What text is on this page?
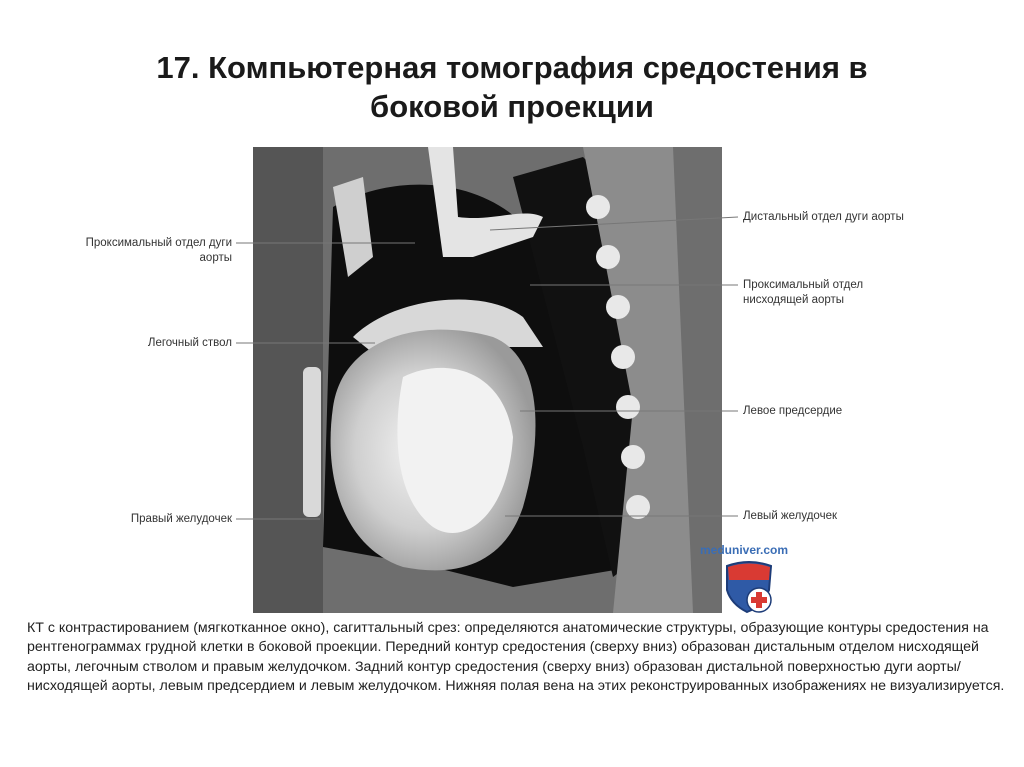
17. Компьютерная томография средостения в
боковой проекции
Проксимальный отдел дуги
аорты
Легочный ствол
Правый желудочек
Дистальный отдел дуги аорты
Проксимальный отдел
нисходящей аорты
Левое предсердие
Левый желудочек
meduniver.com
КТ с контрастированием (мягкотканное окно), сагиттальный срез: определяются анатомические структуры, образующие контуры средостения на рентгенограммах грудной клетки в боковой проекции. Передний контур средостения (сверху вниз) образован дистальным отделом нисходящей аорты, легочным стволом и правым желудочком. Задний контур средостения (сверху вниз) образован дистальной поверхностью дуги аорты/нисходящей аорты, левым предсердием и левым желудочком. Нижняя полая вена на этих реконструированных изображениях не визуализируется.
